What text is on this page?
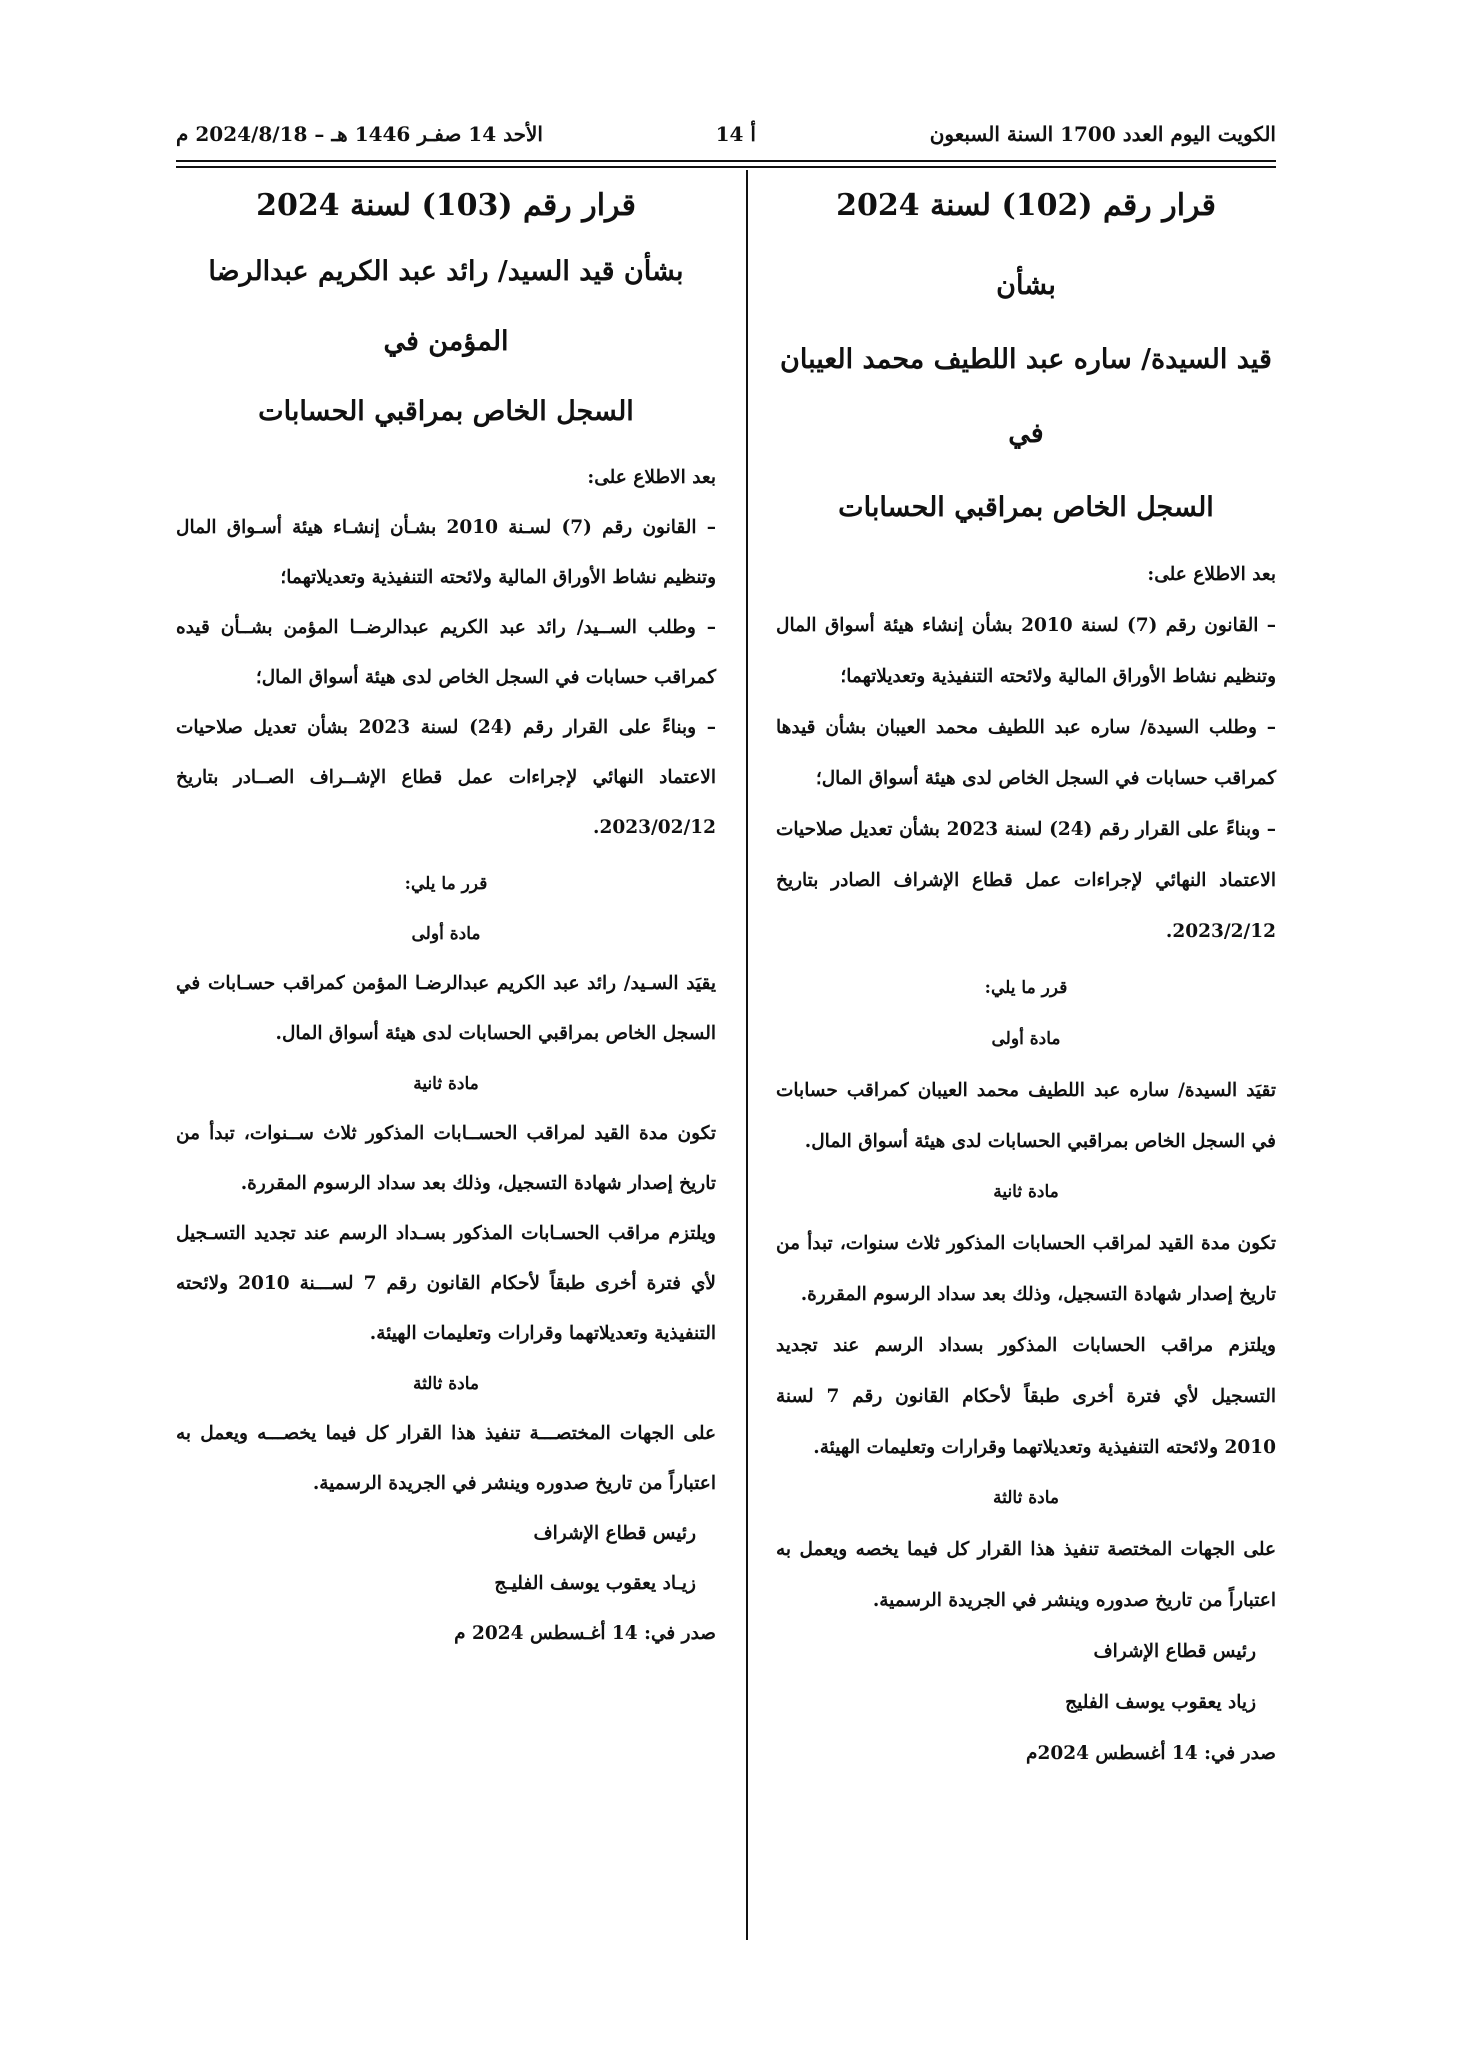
الكويت اليوم العدد 1700 السنة السبعون
أ 14
الأحد 14 صفـر 1446 هـ – 2024/8/18 م
قرار رقم (102) لسنة 2024
بشأن
قيد السيدة/ ساره عبد اللطيف محمد العيبان في
السجل الخاص بمراقبي الحسابات

بعد الاطلاع على:

– القانون رقم (7) لسنة 2010 بشأن إنشاء هيئة أسواق المال وتنظيم نشاط الأوراق المالية ولائحته التنفيذية وتعديلاتهما؛

– وطلب السيدة/ ساره عبد اللطيف محمد العيبان بشأن قيدها كمراقب حسابات في السجل الخاص لدى هيئة أسواق المال؛

– وبناءً على القرار رقم (24) لسنة 2023 بشأن تعديل صلاحيات الاعتماد النهائي لإجراءات عمل قطاع الإشراف الصادر بتاريخ 2023/2/12.

قرر ما يلي:

مادة أولى

تقيَد السيدة/ ساره عبد اللطيف محمد العيبان كمراقب حسابات في السجل الخاص بمراقبي الحسابات لدى هيئة أسواق المال.

مادة ثانية

تكون مدة القيد لمراقب الحسابات المذكور ثلاث سنوات، تبدأ من تاريخ إصدار شهادة التسجيل، وذلك بعد سداد الرسوم المقررة.

ويلتزم مراقب الحسابات المذكور بسداد الرسم عند تجديد التسجيل لأي فترة أخرى طبقاً لأحكام القانون رقم 7 لسنة 2010 ولائحته التنفيذية وتعديلاتهما وقرارات وتعليمات الهيئة.

مادة ثالثة

على الجهات المختصة تنفيذ هذا القرار كل فيما يخصه ويعمل به اعتباراً من تاريخ صدوره وينشر في الجريدة الرسمية.

رئيس قطاع الإشراف

زياد يعقوب يوسف الفليج

صدر في: 14 أغسطس 2024م

قرار رقم (103) لسنة 2024
بشأن قيد السيد/ رائد عبد الكريم عبدالرضا المؤمن في
السجل الخاص بمراقبي الحسابات

بعد الاطلاع على:

– القانون رقم (7) لسـنة 2010 بشـأن إنشـاء هيئة أسـواق المال وتنظيم نشاط الأوراق المالية ولائحته التنفيذية وتعديلاتهما؛

– وطلب الســيد/ رائد عبد الكريم عبدالرضــا المؤمن بشــأن قيده كمراقب حسابات في السجل الخاص لدى هيئة أسواق المال؛

– وبناءً على القرار رقم (24) لسنة 2023 بشأن تعديل صلاحيات الاعتماد النهائي لإجراءات عمل قطاع الإشــراف الصــادر بتاريخ 2023/02/12.

قرر ما يلي:

مادة أولى

يقيَد السـيد/ رائد عبد الكريم عبدالرضـا المؤمن كمراقب حسـابات في السجل الخاص بمراقبي الحسابات لدى هيئة أسواق المال.

مادة ثانية

تكون مدة القيد لمراقب الحســابات المذكور ثلاث ســنوات، تبدأ من تاريخ إصدار شهادة التسجيل، وذلك بعد سداد الرسوم المقررة.

ويلتزم مراقب الحسـابات المذكور بسـداد الرسم عند تجديد التسـجيل لأي فترة أخرى طبقاً لأحكام القانون رقم 7 لســـنة 2010 ولائحته التنفيذية وتعديلاتهما وقرارات وتعليمات الهيئة.

مادة ثالثة

على الجهات المختصـــة تنفيذ هذا القرار كل فيما يخصـــه ويعمل به اعتباراً من تاريخ صدوره وينشر في الجريدة الرسمية.

رئيس قطاع الإشراف

زيـاد يعقوب يوسف الفليـج

صدر في: 14 أغـسطس 2024 م
